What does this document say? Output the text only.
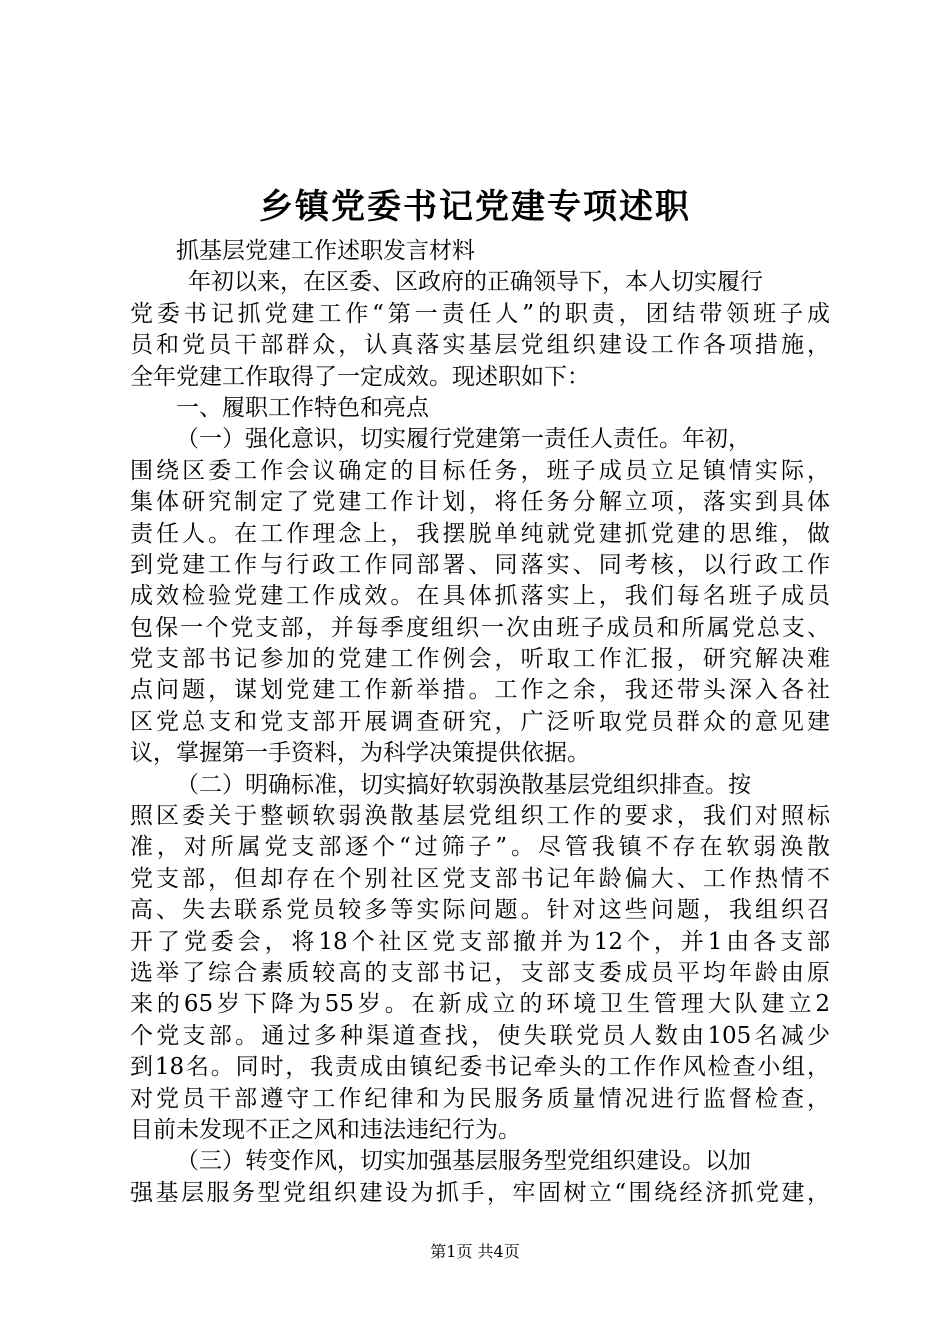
乡镇党委书记党建专项述职
抓基层党建工作述职发言材料
年初以来，在区委、区政府的正确领导下，本人切实履行
党委书记抓党建工作“第一责任人”的职责，团结带领班子成
员和党员干部群众，认真落实基层党组织建设工作各项措施，
全年党建工作取得了一定成效。现述职如下：
一、履职工作特色和亮点
（一）强化意识，切实履行党建第一责任人责任。年初，
围绕区委工作会议确定的目标任务，班子成员立足镇情实际，
集体研究制定了党建工作计划，将任务分解立项，落实到具体
责任人。在工作理念上，我摆脱单纯就党建抓党建的思维，做
到党建工作与行政工作同部署、同落实、同考核，以行政工作
成效检验党建工作成效。在具体抓落实上，我们每名班子成员
包保一个党支部，并每季度组织一次由班子成员和所属党总支、
党支部书记参加的党建工作例会，听取工作汇报，研究解决难
点问题，谋划党建工作新举措。工作之余，我还带头深入各社
区党总支和党支部开展调查研究，广泛听取党员群众的意见建
议，掌握第一手资料，为科学决策提供依据。
（二）明确标准，切实搞好软弱涣散基层党组织排查。按
照区委关于整顿软弱涣散基层党组织工作的要求，我们对照标
准，对所属党支部逐个“过筛子”。尽管我镇不存在软弱涣散
党支部，但却存在个别社区党支部书记年龄偏大、工作热情不
高、失去联系党员较多等实际问题。针对这些问题，我组织召
开了党委会，将18个社区党支部撤并为12个，并1由各支部
选举了综合素质较高的支部书记，支部支委成员平均年龄由原
来的65岁下降为55岁。在新成立的环境卫生管理大队建立2
个党支部。通过多种渠道查找，使失联党员人数由105名减少
到18名。同时，我责成由镇纪委书记牵头的工作作风检查小组，
对党员干部遵守工作纪律和为民服务质量情况进行监督检查，
目前未发现不正之风和违法违纪行为。
（三）转变作风，切实加强基层服务型党组织建设。以加
强基层服务型党组织建设为抓手，牢固树立“围绕经济抓党建，
第1页 共4页
